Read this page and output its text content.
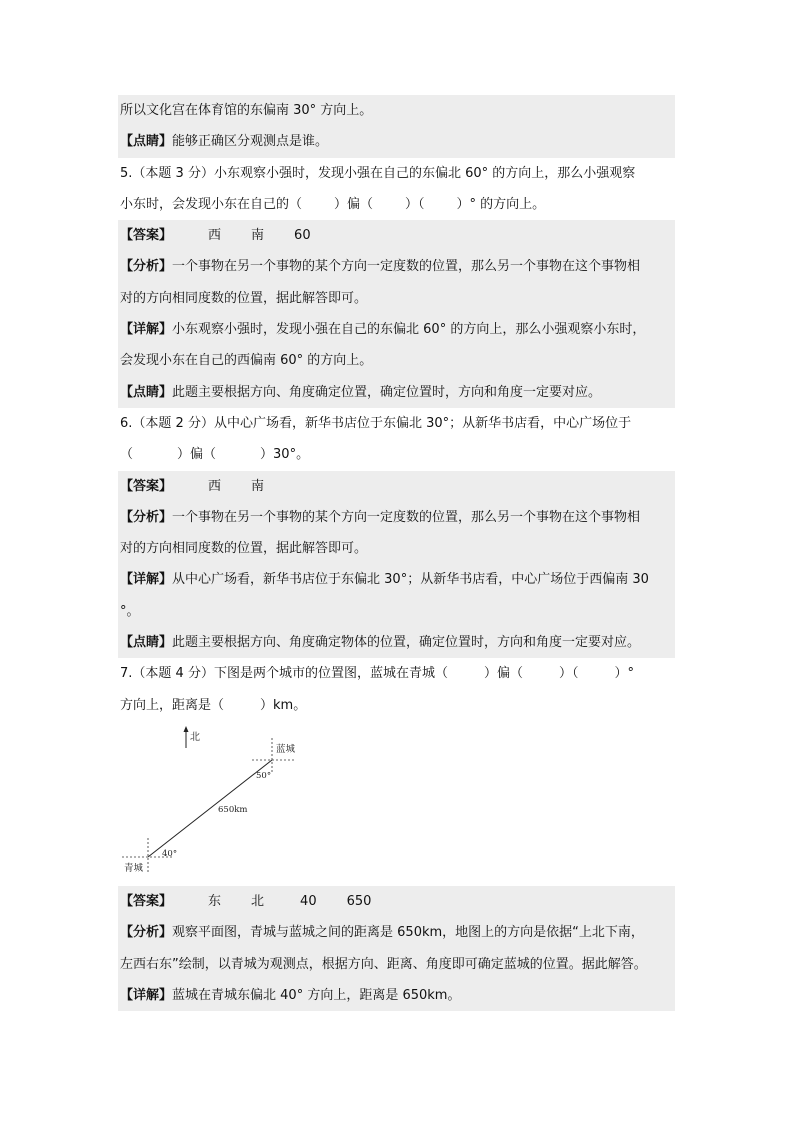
所以文化宫在体育馆的东偏南 30° 方向上。
【点睛】能够正确区分观测点是谁。
5.（本题 3 分）小东观察小强时，发现小强在自己的东偏北 60° 的方向上，那么小强观察
小东时，会发现小东在自己的（ ）偏（ ）（ ）° 的方向上。
【答案】	西 南 60
【分析】一个事物在另一个事物的某个方向一定度数的位置，那么另一个事物在这个事物相
对的方向相同度数的位置，据此解答即可。
【详解】小东观察小强时，发现小强在自己的东偏北 60° 的方向上，那么小强观察小东时，
会发现小东在自己的西偏南 60° 的方向上。
【点睛】此题主要根据方向、角度确定位置，确定位置时，方向和角度一定要对应。
6.（本题 2 分）从中心广场看，新华书店位于东偏北 30°；从新华书店看，中心广场位于
（	）偏（	）30°。
【答案】	西 南
【分析】一个事物在另一个事物的某个方向一定度数的位置，那么另一个事物在这个事物相
对的方向相同度数的位置，据此解答即可。
【详解】从中心广场看，新华书店位于东偏北 30°；从新华书店看，中心广场位于西偏南 30
°。
【点睛】此题主要根据方向、角度确定物体的位置，确定位置时，方向和角度一定要对应。
7.（本题 4 分）下图是两个城市的位置图，蓝城在青城（	）偏（	）（	）°
方向上，距离是（	）km。
北
蓝城
50°
40°
青城
650km
【答案】	东 北	40 650
【分析】观察平面图，青城与蓝城之间的距离是 650km，地图上的方向是依据“上北下南，
左西右东”绘制，以青城为观测点，根据方向、距离、角度即可确定蓝城的位置。据此解答。
【详解】蓝城在青城东偏北 40° 方向上，距离是 650km。
